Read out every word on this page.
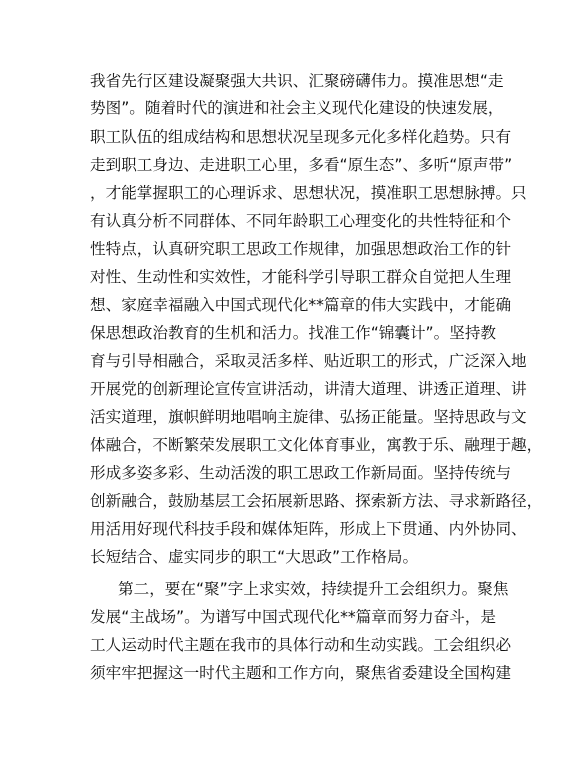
我省先行区建设凝聚强大共识、汇聚磅礴伟力。摸准思想“走
势图”。随着时代的演进和社会主义现代化建设的快速发展，
职工队伍的组成结构和思想状况呈现多元化多样化趋势。只有
走到职工身边、走进职工心里，多看“原生态”、多听“原声带”
，才能掌握职工的心理诉求、思想状况，摸准职工思想脉搏。只
有认真分析不同群体、不同年龄职工心理变化的共性特征和个
性特点，认真研究职工思政工作规律，加强思想政治工作的针
对性、生动性和实效性，才能科学引导职工群众自觉把人生理
想、家庭幸福融入中国式现代化**篇章的伟大实践中，才能确
保思想政治教育的生机和活力。找准工作“锦囊计”。坚持教
育与引导相融合，采取灵活多样、贴近职工的形式，广泛深入地
开展党的创新理论宣传宣讲活动，讲清大道理、讲透正道理、讲
活实道理，旗帜鲜明地唱响主旋律、弘扬正能量。坚持思政与文
体融合，不断繁荣发展职工文化体育事业，寓教于乐、融理于趣，
形成多姿多彩、生动活泼的职工思政工作新局面。坚持传统与
创新融合，鼓励基层工会拓展新思路、探索新方法、寻求新路径，
用活用好现代科技手段和媒体矩阵，形成上下贯通、内外协同、
长短结合、虚实同步的职工“大思政”工作格局。
第二，要在“聚”字上求实效，持续提升工会组织力。聚焦
发展“主战场”。为谱写中国式现代化**篇章而努力奋斗，是
工人运动时代主题在我市的具体行动和生动实践。工会组织必
须牢牢把握这一时代主题和工作方向，聚焦省委建设全国构建
